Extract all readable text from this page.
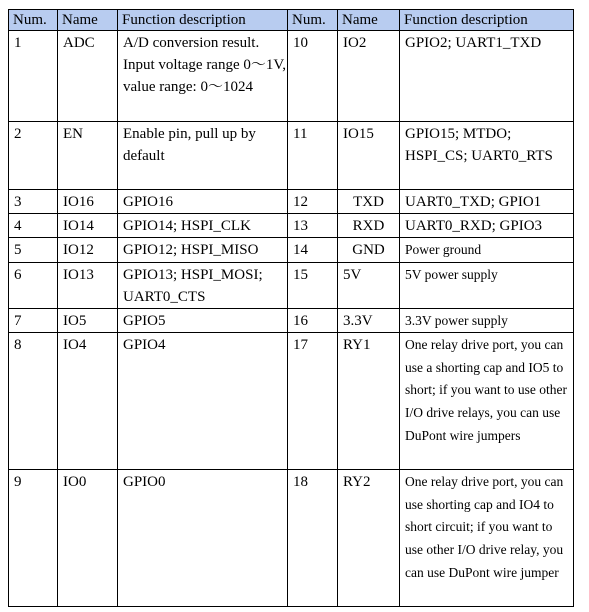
Num.	Name	Function description	Num.	Name	Function description
1	ADC	A/D conversion result. Input voltage range 0～1V, value range: 0～1024	10	IO2	GPIO2; UART1_TXD
2	EN	Enable pin, pull up by default	11	IO15	GPIO15; MTDO; HSPI_CS; UART0_RTS
3	IO16	GPIO16	12	TXD	UART0_TXD; GPIO1
4	IO14	GPIO14; HSPI_CLK	13	RXD	UART0_RXD; GPIO3
5	IO12	GPIO12; HSPI_MISO	14	GND	Power ground
6	IO13	GPIO13; HSPI_MOSI; UART0_CTS	15	5V	5V power supply
7	IO5	GPIO5	16	3.3V	3.3V power supply
8	IO4	GPIO4	17	RY1	One relay drive port, you can use a shorting cap and IO5 to short; if you want to use other I/O drive relays, you can use DuPont wire jumpers
9	IO0	GPIO0	18	RY2	One relay drive port, you can use shorting cap and IO4 to short circuit; if you want to use other I/O drive relay, you can use DuPont wire jumper
